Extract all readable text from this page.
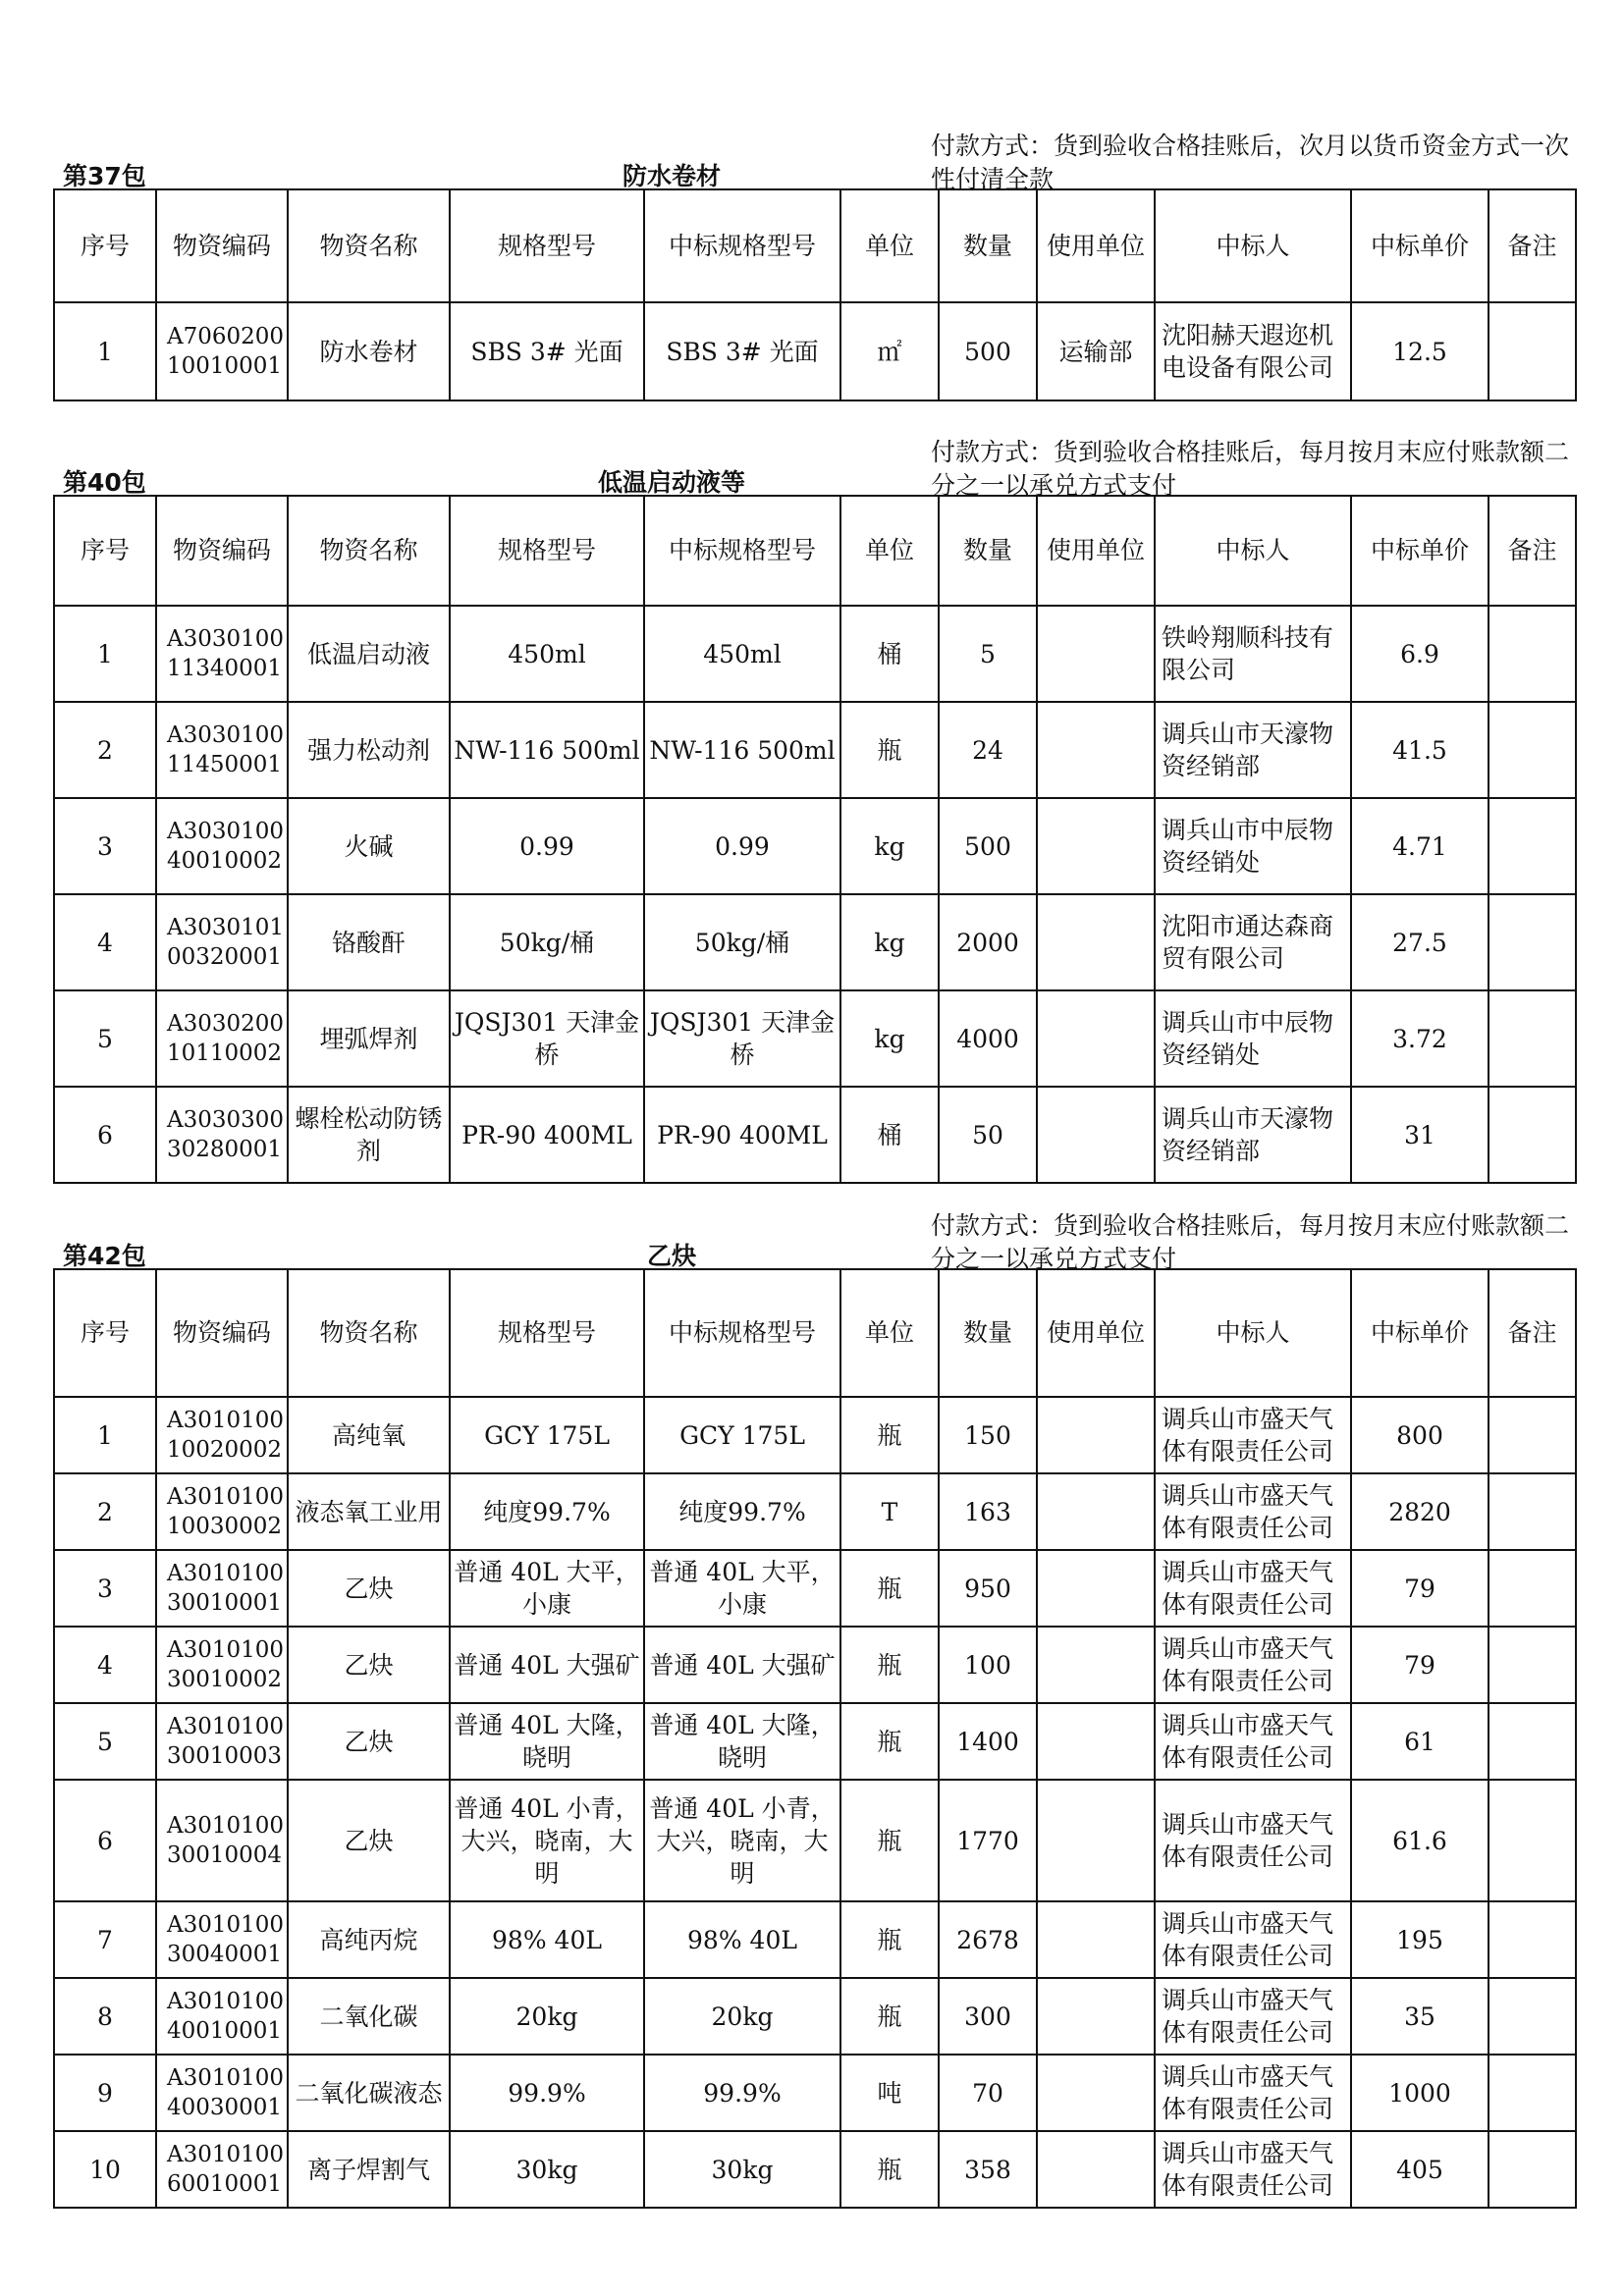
第37包	防水卷材
付款方式：货到验收合格挂账后，次月以货币资金方式一次性付清全款
序号	物资编码	物资名称	规格型号	中标规格型号	单位	数量	使用单位	中标人	中标单价	备注
1	A706020010010001	防水卷材	SBS 3# 光面	SBS 3# 光面	㎡	500	运输部	沈阳赫天遐迩机电设备有限公司	12.5	
第40包	低温启动液等
付款方式：货到验收合格挂账后，每月按月末应付账款额二分之一以承兑方式支付
序号	物资编码	物资名称	规格型号	中标规格型号	单位	数量	使用单位	中标人	中标单价	备注
1	A303010011340001	低温启动液	450ml	450ml	桶	5		铁岭翔顺科技有限公司	6.9	
2	A303010011450001	强力松动剂	NW-116 500ml	NW-116 500ml	瓶	24		调兵山市天濠物资经销部	41.5	
3	A303010040010002	火碱	0.99	0.99	kg	500		调兵山市中辰物资经销处	4.71	
4	A303010100320001	铬酸酐	50kg/桶	50kg/桶	kg	2000		沈阳市通达森商贸有限公司	27.5	
5	A303020010110002	埋弧焊剂	JQSJ301 天津金桥	JQSJ301 天津金桥	kg	4000		调兵山市中辰物资经销处	3.72	
6	A303030030280001	螺栓松动防锈剂	PR-90 400ML	PR-90 400ML	桶	50		调兵山市天濠物资经销部	31	
第42包	乙炔
付款方式：货到验收合格挂账后，每月按月末应付账款额二分之一以承兑方式支付
序号	物资编码	物资名称	规格型号	中标规格型号	单位	数量	使用单位	中标人	中标单价	备注
1	A301010010020002	高纯氧	GCY 175L	GCY 175L	瓶	150		调兵山市盛天气体有限责任公司	800	
2	A301010010030002	液态氧工业用	纯度99.7%	纯度99.7%	T	163		调兵山市盛天气体有限责任公司	2820	
3	A301010030010001	乙炔	普通 40L 大平，小康	普通 40L 大平，小康	瓶	950		调兵山市盛天气体有限责任公司	79	
4	A301010030010002	乙炔	普通 40L 大强矿	普通 40L 大强矿	瓶	100		调兵山市盛天气体有限责任公司	79	
5	A301010030010003	乙炔	普通 40L 大隆，晓明	普通 40L 大隆，晓明	瓶	1400		调兵山市盛天气体有限责任公司	61	
6	A301010030010004	乙炔	普通 40L 小青，大兴，晓南，大明	普通 40L 小青，大兴，晓南，大明	瓶	1770		调兵山市盛天气体有限责任公司	61.6	
7	A301010030040001	高纯丙烷	98% 40L	98% 40L	瓶	2678		调兵山市盛天气体有限责任公司	195	
8	A301010040010001	二氧化碳	20kg	20kg	瓶	300		调兵山市盛天气体有限责任公司	35	
9	A301010040030001	二氧化碳液态	99.9%	99.9%	吨	70		调兵山市盛天气体有限责任公司	1000	
10	A301010060010001	离子焊割气	30kg	30kg	瓶	358		调兵山市盛天气体有限责任公司	405	
